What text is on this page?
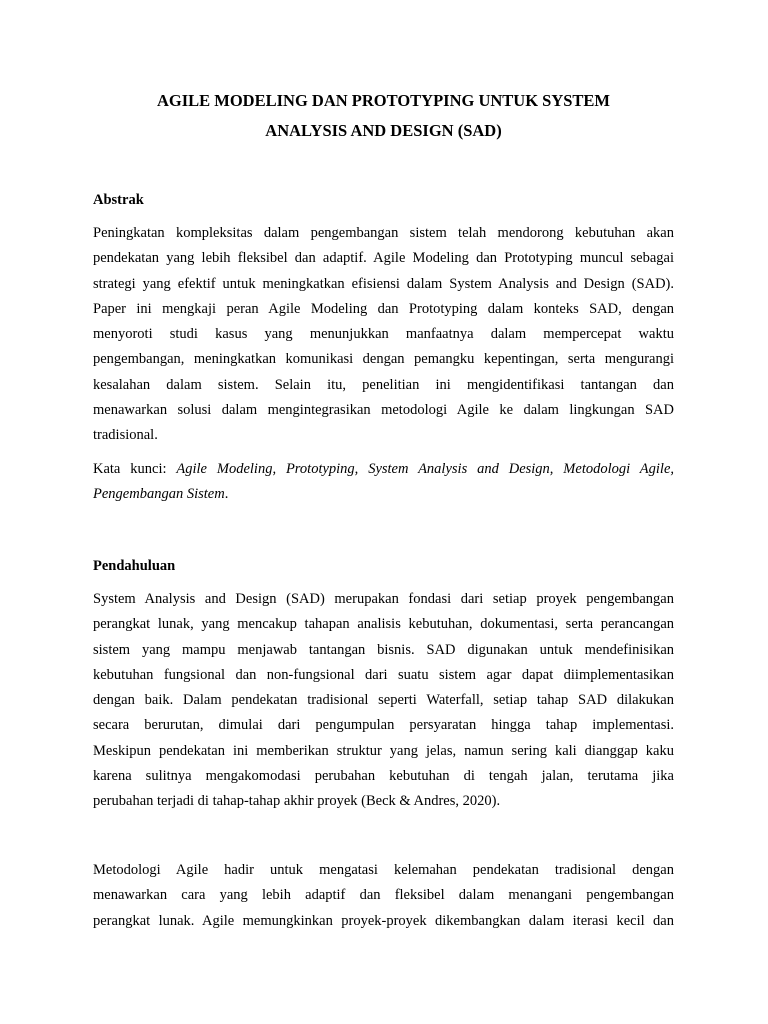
AGILE MODELING DAN PROTOTYPING UNTUK SYSTEM
ANALYSIS AND DESIGN (SAD)
Abstrak
Peningkatan kompleksitas dalam pengembangan sistem telah mendorong kebutuhan akan
pendekatan yang lebih fleksibel dan adaptif. Agile Modeling dan Prototyping muncul sebagai
strategi yang efektif untuk meningkatkan efisiensi dalam System Analysis and Design (SAD).
Paper ini mengkaji peran Agile Modeling dan Prototyping dalam konteks SAD, dengan
menyoroti studi kasus yang menunjukkan manfaatnya dalam mempercepat waktu
pengembangan, meningkatkan komunikasi dengan pemangku kepentingan, serta mengurangi
kesalahan dalam sistem. Selain itu, penelitian ini mengidentifikasi tantangan dan
menawarkan solusi dalam mengintegrasikan metodologi Agile ke dalam lingkungan SAD
tradisional.
Kata kunci: Agile Modeling, Prototyping, System Analysis and Design, Metodologi Agile,
Pengembangan Sistem.
Pendahuluan
System Analysis and Design (SAD) merupakan fondasi dari setiap proyek pengembangan
perangkat lunak, yang mencakup tahapan analisis kebutuhan, dokumentasi, serta perancangan
sistem yang mampu menjawab tantangan bisnis. SAD digunakan untuk mendefinisikan
kebutuhan fungsional dan non-fungsional dari suatu sistem agar dapat diimplementasikan
dengan baik. Dalam pendekatan tradisional seperti Waterfall, setiap tahap SAD dilakukan
secara berurutan, dimulai dari pengumpulan persyaratan hingga tahap implementasi.
Meskipun pendekatan ini memberikan struktur yang jelas, namun sering kali dianggap kaku
karena sulitnya mengakomodasi perubahan kebutuhan di tengah jalan, terutama jika
perubahan terjadi di tahap-tahap akhir proyek (Beck & Andres, 2020).
Metodologi Agile hadir untuk mengatasi kelemahan pendekatan tradisional dengan
menawarkan cara yang lebih adaptif dan fleksibel dalam menangani pengembangan
perangkat lunak. Agile memungkinkan proyek-proyek dikembangkan dalam iterasi kecil dan
